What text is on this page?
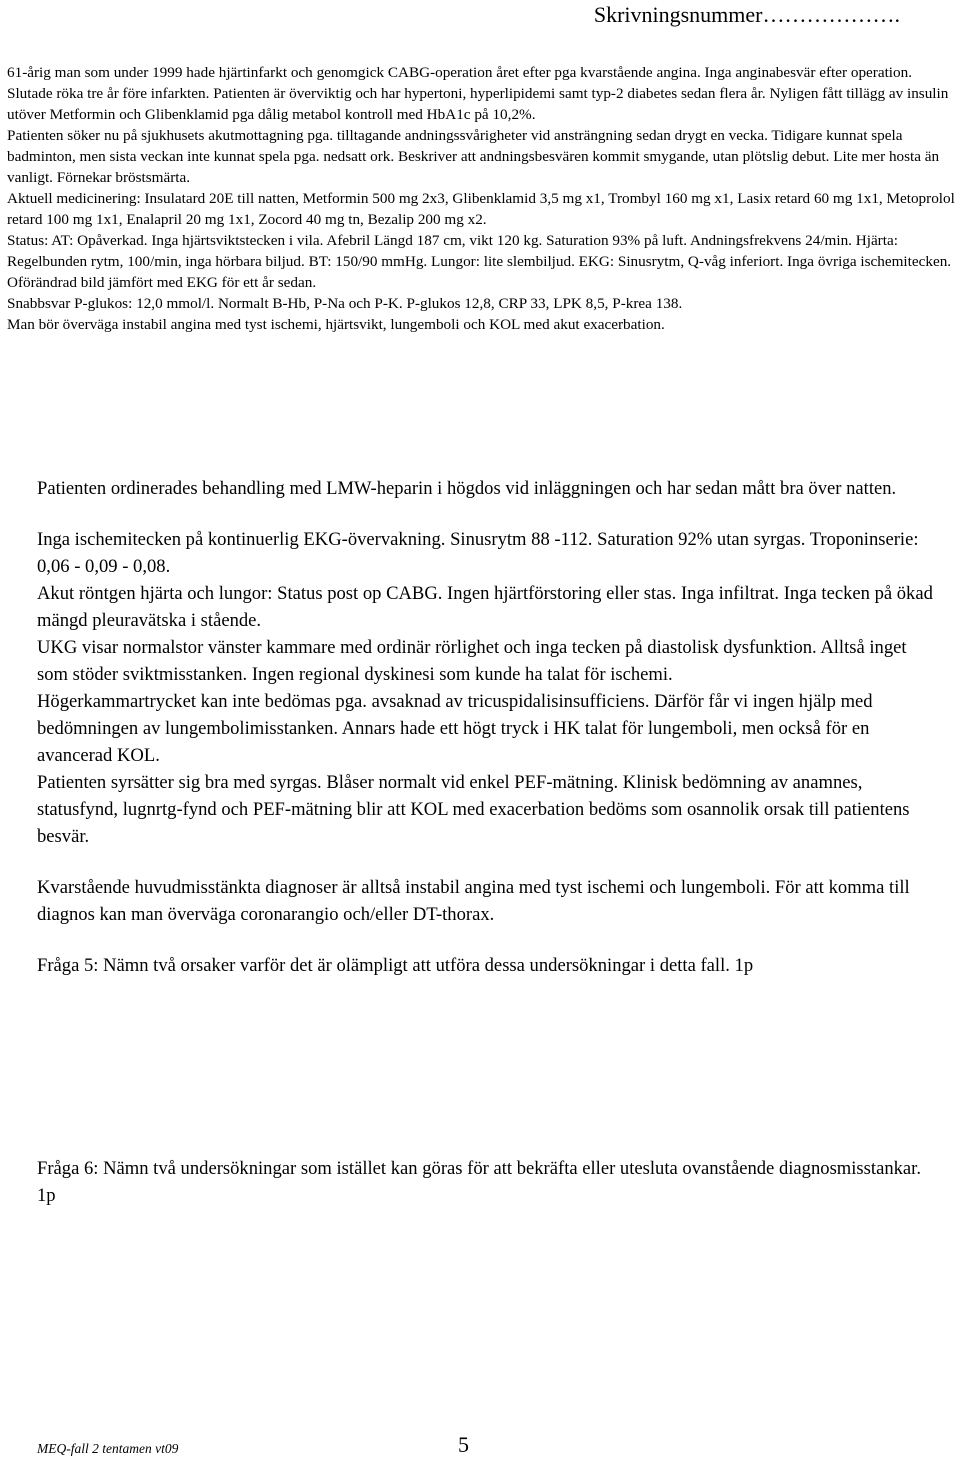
Skrivningsnummer……………….

61-årig man som under 1999 hade hjärtinfarkt och genomgick CABG-operation året efter pga kvarstående angina. Inga anginabesvär efter operation. Slutade röka tre år före infarkten. Patienten är överviktig och har hypertoni, hyperlipidemi samt typ-2 diabetes sedan flera år. Nyligen fått tillägg av insulin utöver Metformin och Glibenklamid pga dålig metabol kontroll med HbA1c på 10,2%.

Patienten söker nu på sjukhusets akutmottagning pga. tilltagande andningssvårigheter vid ansträngning sedan drygt en vecka. Tidigare kunnat spela badminton, men sista veckan inte kunnat spela pga. nedsatt ork. Beskriver att andningsbesvären kommit smygande, utan plötslig debut. Lite mer hosta än vanligt. Förnekar bröstsmärta.

Aktuell medicinering: Insulatard 20E till natten, Metformin 500 mg 2x3, Glibenklamid 3,5 mg x1, Trombyl 160 mg x1, Lasix retard 60 mg 1x1, Metoprolol retard 100 mg 1x1, Enalapril 20 mg 1x1, Zocord 40 mg tn, Bezalip 200 mg x2.

Status: AT: Opåverkad. Inga hjärtsviktstecken i vila. Afebril Längd 187 cm, vikt 120 kg. Saturation 93% på luft. Andningsfrekvens 24/min. Hjärta: Regelbunden rytm, 100/min, inga hörbara biljud. BT: 150/90 mmHg. Lungor: lite slembiljud. EKG: Sinusrytm, Q-våg inferiort. Inga övriga ischemitecken. Oförändrad bild jämfört med EKG för ett år sedan.

Snabbsvar P-glukos: 12,0 mmol/l. Normalt B-Hb, P-Na och P-K. P-glukos 12,8, CRP 33, LPK 8,5, P-krea 138.

Man bör överväga instabil angina med tyst ischemi, hjärtsvikt, lungemboli och KOL med akut exacerbation.

Patienten ordinerades behandling med LMW-heparin i högdos vid inläggningen och har sedan mått bra över natten.

Inga ischemitecken på kontinuerlig EKG-övervakning. Sinusrytm 88 -112. Saturation 92% utan syrgas. Troponinserie: 0,06 - 0,09 - 0,08.

Akut röntgen hjärta och lungor: Status post op CABG. Ingen hjärtförstoring eller stas. Inga infiltrat. Inga tecken på ökad mängd pleuravätska i stående.

UKG visar normalstor vänster kammare med ordinär rörlighet och inga tecken på diastolisk dysfunktion. Alltså inget som stöder sviktmisstanken. Ingen regional dyskinesi som kunde ha talat för ischemi.

Högerkammartrycket kan inte bedömas pga. avsaknad av tricuspidalisinsufficiens. Därför får vi ingen hjälp med bedömningen av lungembolimisstanken. Annars hade ett högt tryck i HK talat för lungemboli, men också för en avancerad KOL.

Patienten syrsätter sig bra med syrgas. Blåser normalt vid enkel PEF-mätning. Klinisk bedömning av anamnes, statusfynd, lugnrtg-fynd och PEF-mätning blir att KOL med exacerbation bedöms som osannolik orsak till patientens besvär.

Kvarstående huvudmisstänkta diagnoser är alltså instabil angina med tyst ischemi och lungemboli. För att komma till diagnos kan man överväga coronarangio och/eller DT-thorax.

Fråga 5: Nämn två orsaker varför det är olämpligt att utföra dessa undersökningar i detta fall. 1p

Fråga 6: Nämn två undersökningar som istället kan göras för att bekräfta eller utesluta ovanstående diagnosmisstankar. 1p

MEQ-fall 2 tentamen vt09	5
